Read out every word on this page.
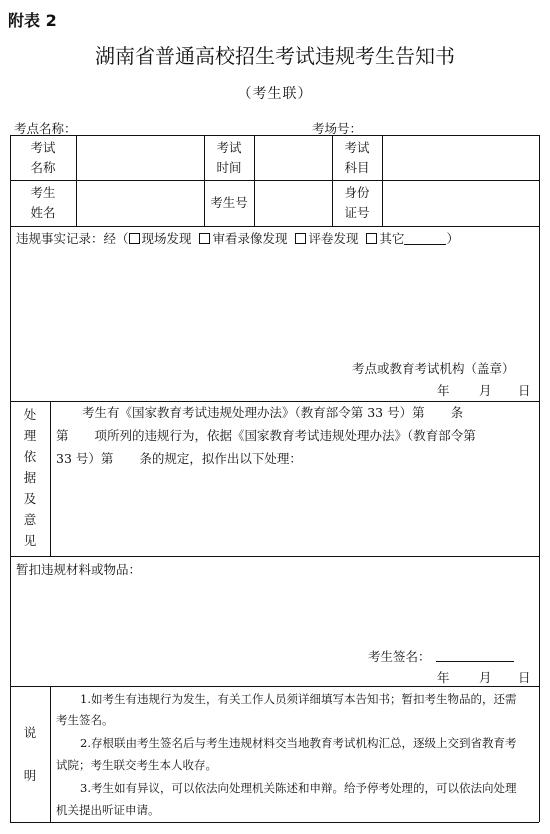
附表 2
湖南省普通高校招生考试违规考生告知书
（考生联）
考点名称：	考场号：
考试
名称
考试
时间
考试
科目
考生
姓名
考生号
身份
证号
违规事实记录：经（ 现场发现 审看录像发现 评卷发现 其它	）
考点或教育考试机构（盖章）
年 月 日
处
理
依
据
及
意
见
考生有《国家教育考试违规处理办法》（教育部令第 33 号）第 条
第 项所列的违规行为，依据《国家教育考试违规处理办法》（教育部令第
33 号）第 条的规定，拟作出以下处理：
暂扣违规材料或物品：
考生签名：
年 月 日
说
明
1.如考生有违规行为发生，有关工作人员须详细填写本告知书；暂扣考生物品的，还需
考生签名。
2.存根联由考生签名后与考生违规材料交当地教育考试机构汇总，逐级上交到省教育考
试院；考生联交考生本人收存。
3.考生如有异议，可以依法向处理机关陈述和申辩。给予停考处理的，可以依法向处理
机关提出听证申请。
